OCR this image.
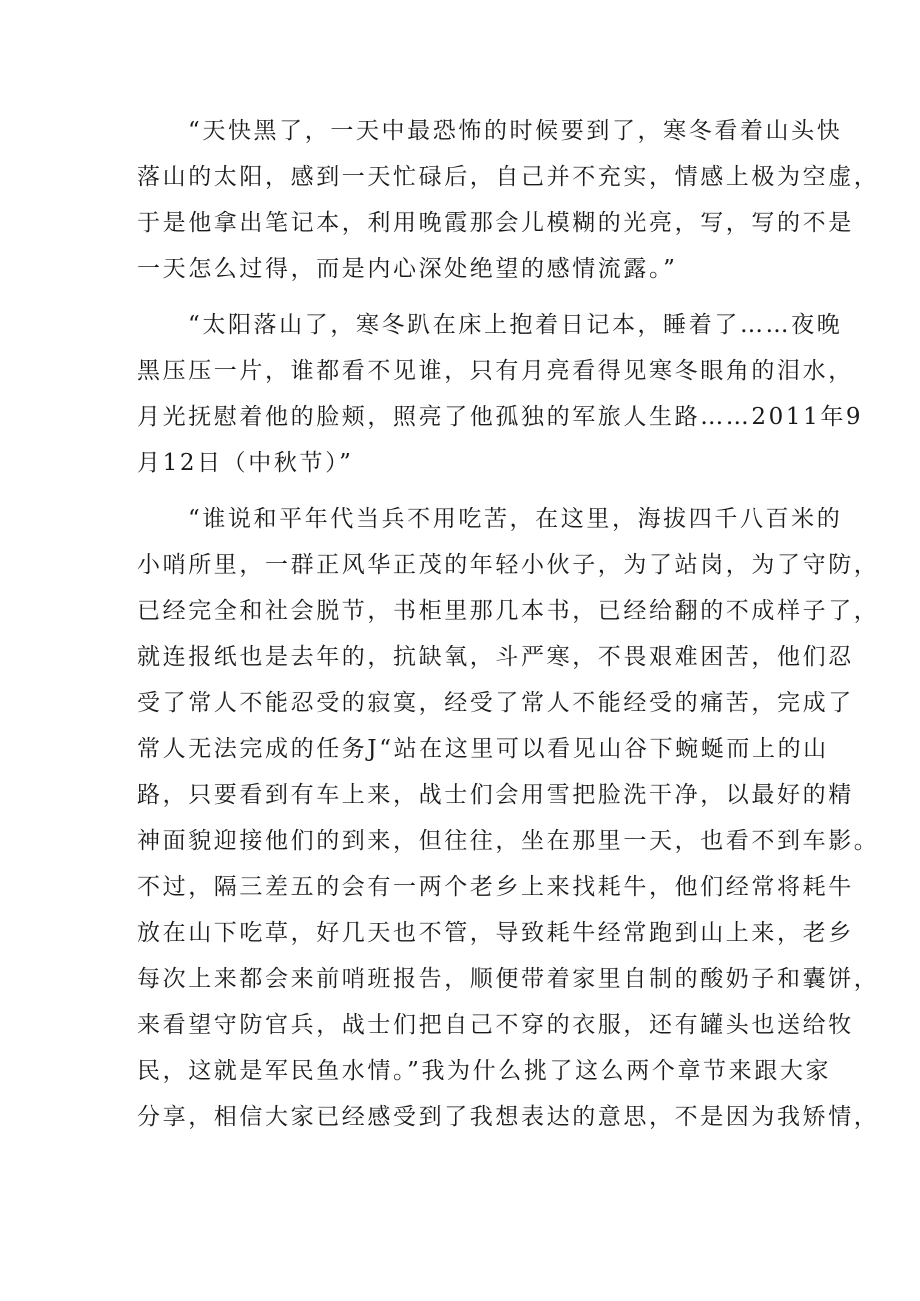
“天快黑了，一天中最恐怖的时候要到了，寒冬看着山头快
落山的太阳，感到一天忙碌后，自己并不充实，情感上极为空虚，
于是他拿出笔记本，利用晚霞那会儿模糊的光亮，写，写的不是
一天怎么过得，而是内心深处绝望的感情流露。”
“太阳落山了，寒冬趴在床上抱着日记本，睡着了……夜晚
黑压压一片，谁都看不见谁，只有月亮看得见寒冬眼角的泪水，
月光抚慰着他的脸颊，照亮了他孤独的军旅人生路……2011年9
月12日（中秋节）”
“谁说和平年代当兵不用吃苦，在这里，海拔四千八百米的
小哨所里，一群正风华正茂的年轻小伙子，为了站岗，为了守防，
已经完全和社会脱节，书柜里那几本书，已经给翻的不成样子了，
就连报纸也是去年的，抗缺氧，斗严寒，不畏艰难困苦，他们忍
受了常人不能忍受的寂寞，经受了常人不能经受的痛苦，完成了
常人无法完成的任务J“站在这里可以看见山谷下蜿蜒而上的山
路，只要看到有车上来，战士们会用雪把脸洗干净，以最好的精
神面貌迎接他们的到来，但往往，坐在那里一天，也看不到车影。
不过，隔三差五的会有一两个老乡上来找耗牛，他们经常将耗牛
放在山下吃草，好几天也不管，导致耗牛经常跑到山上来，老乡
每次上来都会来前哨班报告，顺便带着家里自制的酸奶子和囊饼，
来看望守防官兵，战士们把自己不穿的衣服，还有罐头也送给牧
民，这就是军民鱼水情。”我为什么挑了这么两个章节来跟大家
分享，相信大家已经感受到了我想表达的意思，不是因为我矫情，
